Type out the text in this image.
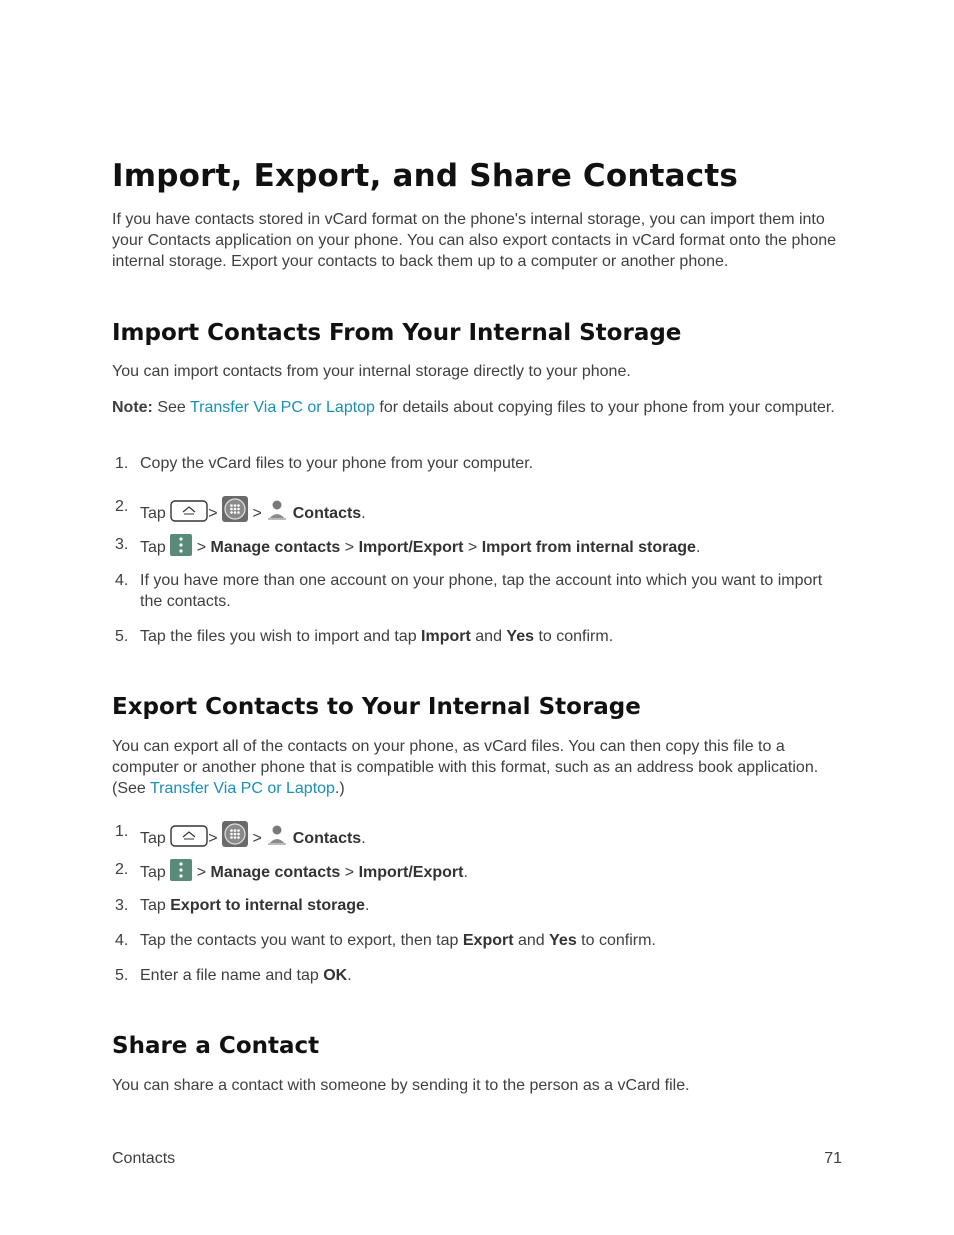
Import, Export, and Share Contacts

If you have contacts stored in vCard format on the phone's internal storage, you can import them into your Contacts application on your phone. You can also export contacts in vCard format onto the phone internal storage. Export your contacts to back them up to a computer or another phone.

Import Contacts From Your Internal Storage

You can import contacts from your internal storage directly to your phone.

Note: See Transfer Via PC or Laptop for details about copying files to your phone from your computer.

1. Copy the vCard files to your phone from your computer.
2. Tap	> > Contacts.
3. Tap > Manage contacts > Import/Export > Import from internal storage.
4. If you have more than one account on your phone, tap the account into which you want to import the contacts.
5. Tap the files you wish to import and tap Import and Yes to confirm.
Export Contacts to Your Internal Storage

You can export all of the contacts on your phone, as vCard files. You can then copy this file to a computer or another phone that is compatible with this format, such as an address book application. (See Transfer Via PC or Laptop.)

1. Tap	> > Contacts.
2. Tap > Manage contacts > Import/Export.
3. Tap Export to internal storage.
4. Tap the contacts you want to export, then tap Export and Yes to confirm.
5. Enter a file name and tap OK.
Share a Contact

You can share a contact with someone by sending it to the person as a vCard file.

Contacts	71
